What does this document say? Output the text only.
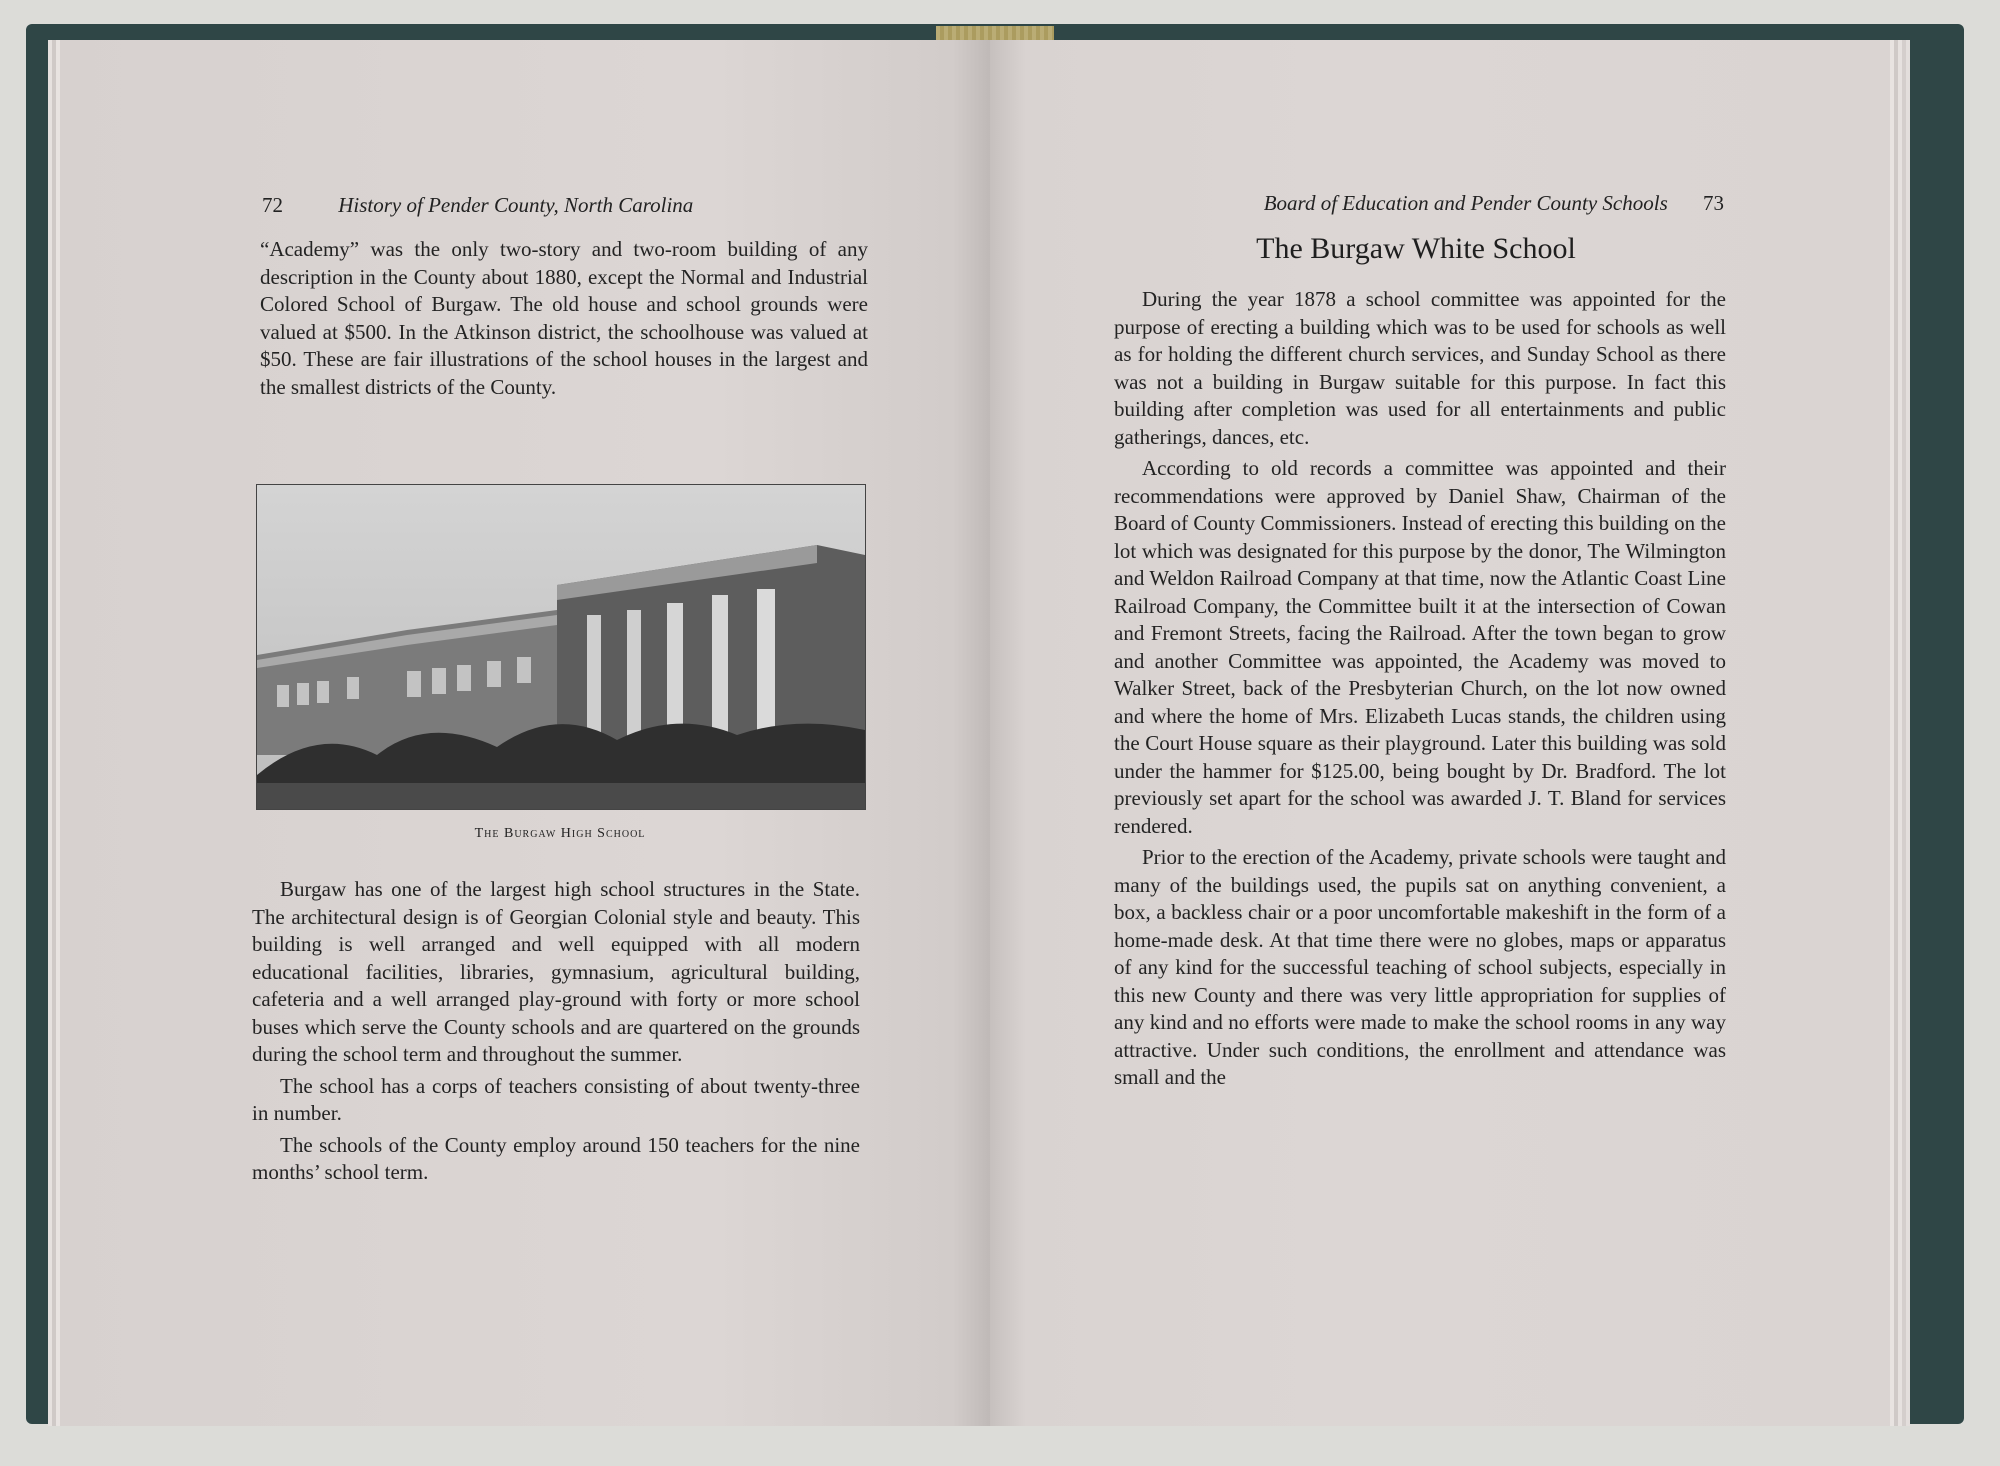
72	History of Pender County, North Carolina

“Academy” was the only two-story and two-room building of any description in the County about 1880, except the Normal and Industrial Colored School of Burgaw. The old house and school grounds were valued at $500. In the Atkinson district, the schoolhouse was valued at $50. These are fair illustrations of the school houses in the largest and the smallest districts of the County.

The Burgaw High School

Burgaw has one of the largest high school structures in the State. The architectural design is of Georgian Colonial style and beauty. This building is well arranged and well equipped with all modern educational facilities, libraries, gymnasium, agricultural building, cafeteria and a well arranged play-ground with forty or more school buses which serve the County schools and are quartered on the grounds during the school term and throughout the summer.

The school has a corps of teachers consisting of about twenty-three in number.

The schools of the County employ around 150 teachers for the nine months’ school term.

Board of Education and Pender County Schools 73
The Burgaw White School

During the year 1878 a school committee was appointed for the purpose of erecting a building which was to be used for schools as well as for holding the different church services, and Sunday School as there was not a building in Burgaw suitable for this purpose. In fact this building after completion was used for all entertainments and public gatherings, dances, etc.

According to old records a committee was appointed and their recommendations were approved by Daniel Shaw, Chairman of the Board of County Commissioners. Instead of erecting this building on the lot which was designated for this purpose by the donor, The Wilmington and Weldon Railroad Company at that time, now the Atlantic Coast Line Railroad Company, the Committee built it at the intersection of Cowan and Fremont Streets, facing the Railroad. After the town began to grow and another Committee was appointed, the Academy was moved to Walker Street, back of the Presbyterian Church, on the lot now owned and where the home of Mrs. Elizabeth Lucas stands, the children using the Court House square as their playground. Later this building was sold under the hammer for $125.00, being bought by Dr. Bradford. The lot previously set apart for the school was awarded J. T. Bland for services rendered.

Prior to the erection of the Academy, private schools were taught and many of the buildings used, the pupils sat on anything convenient, a box, a backless chair or a poor uncomfortable makeshift in the form of a home-made desk. At that time there were no globes, maps or apparatus of any kind for the successful teaching of school subjects, especially in this new County and there was very little appropriation for supplies of any kind and no efforts were made to make the school rooms in any way attractive. Under such conditions, the enrollment and attendance was small and the
